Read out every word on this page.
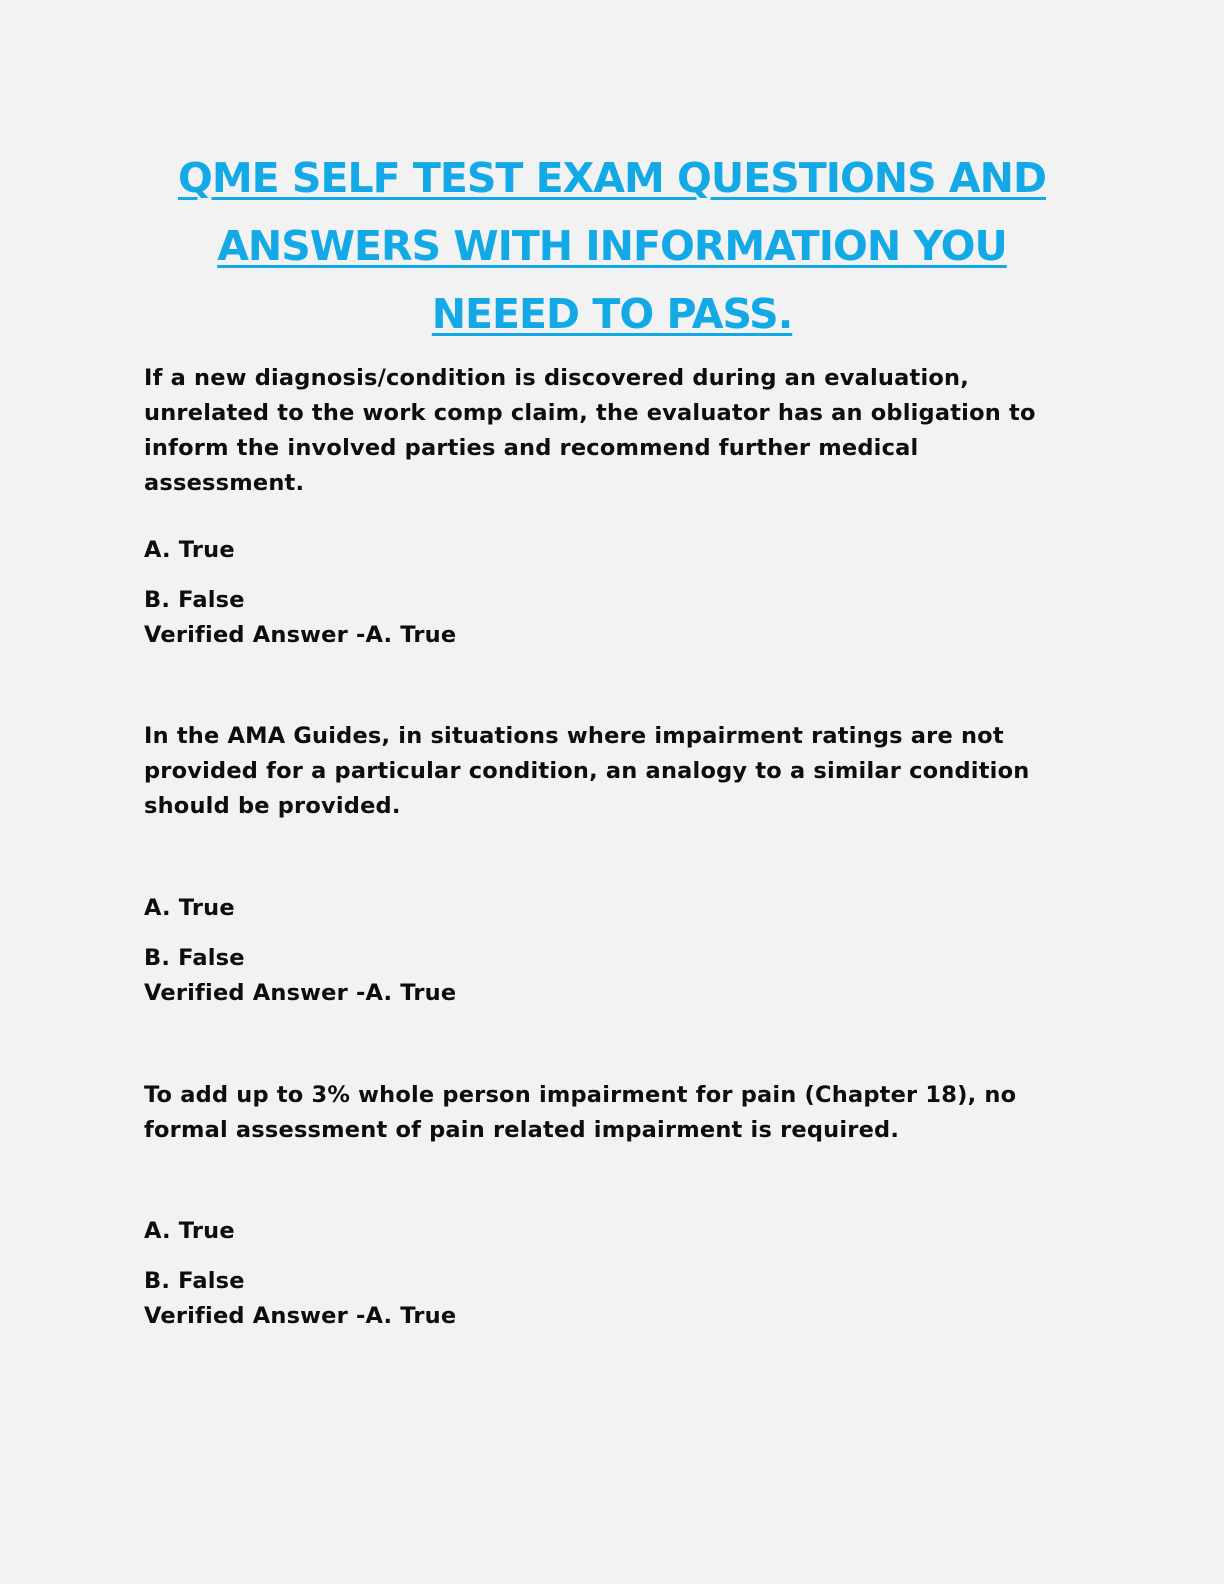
QME SELF TEST EXAM QUESTIONS AND
ANSWERS WITH INFORMATION YOU
NEEED TO PASS.
If a new diagnosis/condition is discovered during an evaluation, unrelated to the work comp claim, the evaluator has an obligation to inform the involved parties and recommend further medical assessment.
A. True
B. False
Verified Answer -A. True
In the AMA Guides, in situations where impairment ratings are not provided for a particular condition, an analogy to a similar condition should be provided.
A. True
B. False
Verified Answer -A. True
To add up to 3% whole person impairment for pain (Chapter 18), no formal assessment of pain related impairment is required.
A. True
B. False
Verified Answer -A. True
